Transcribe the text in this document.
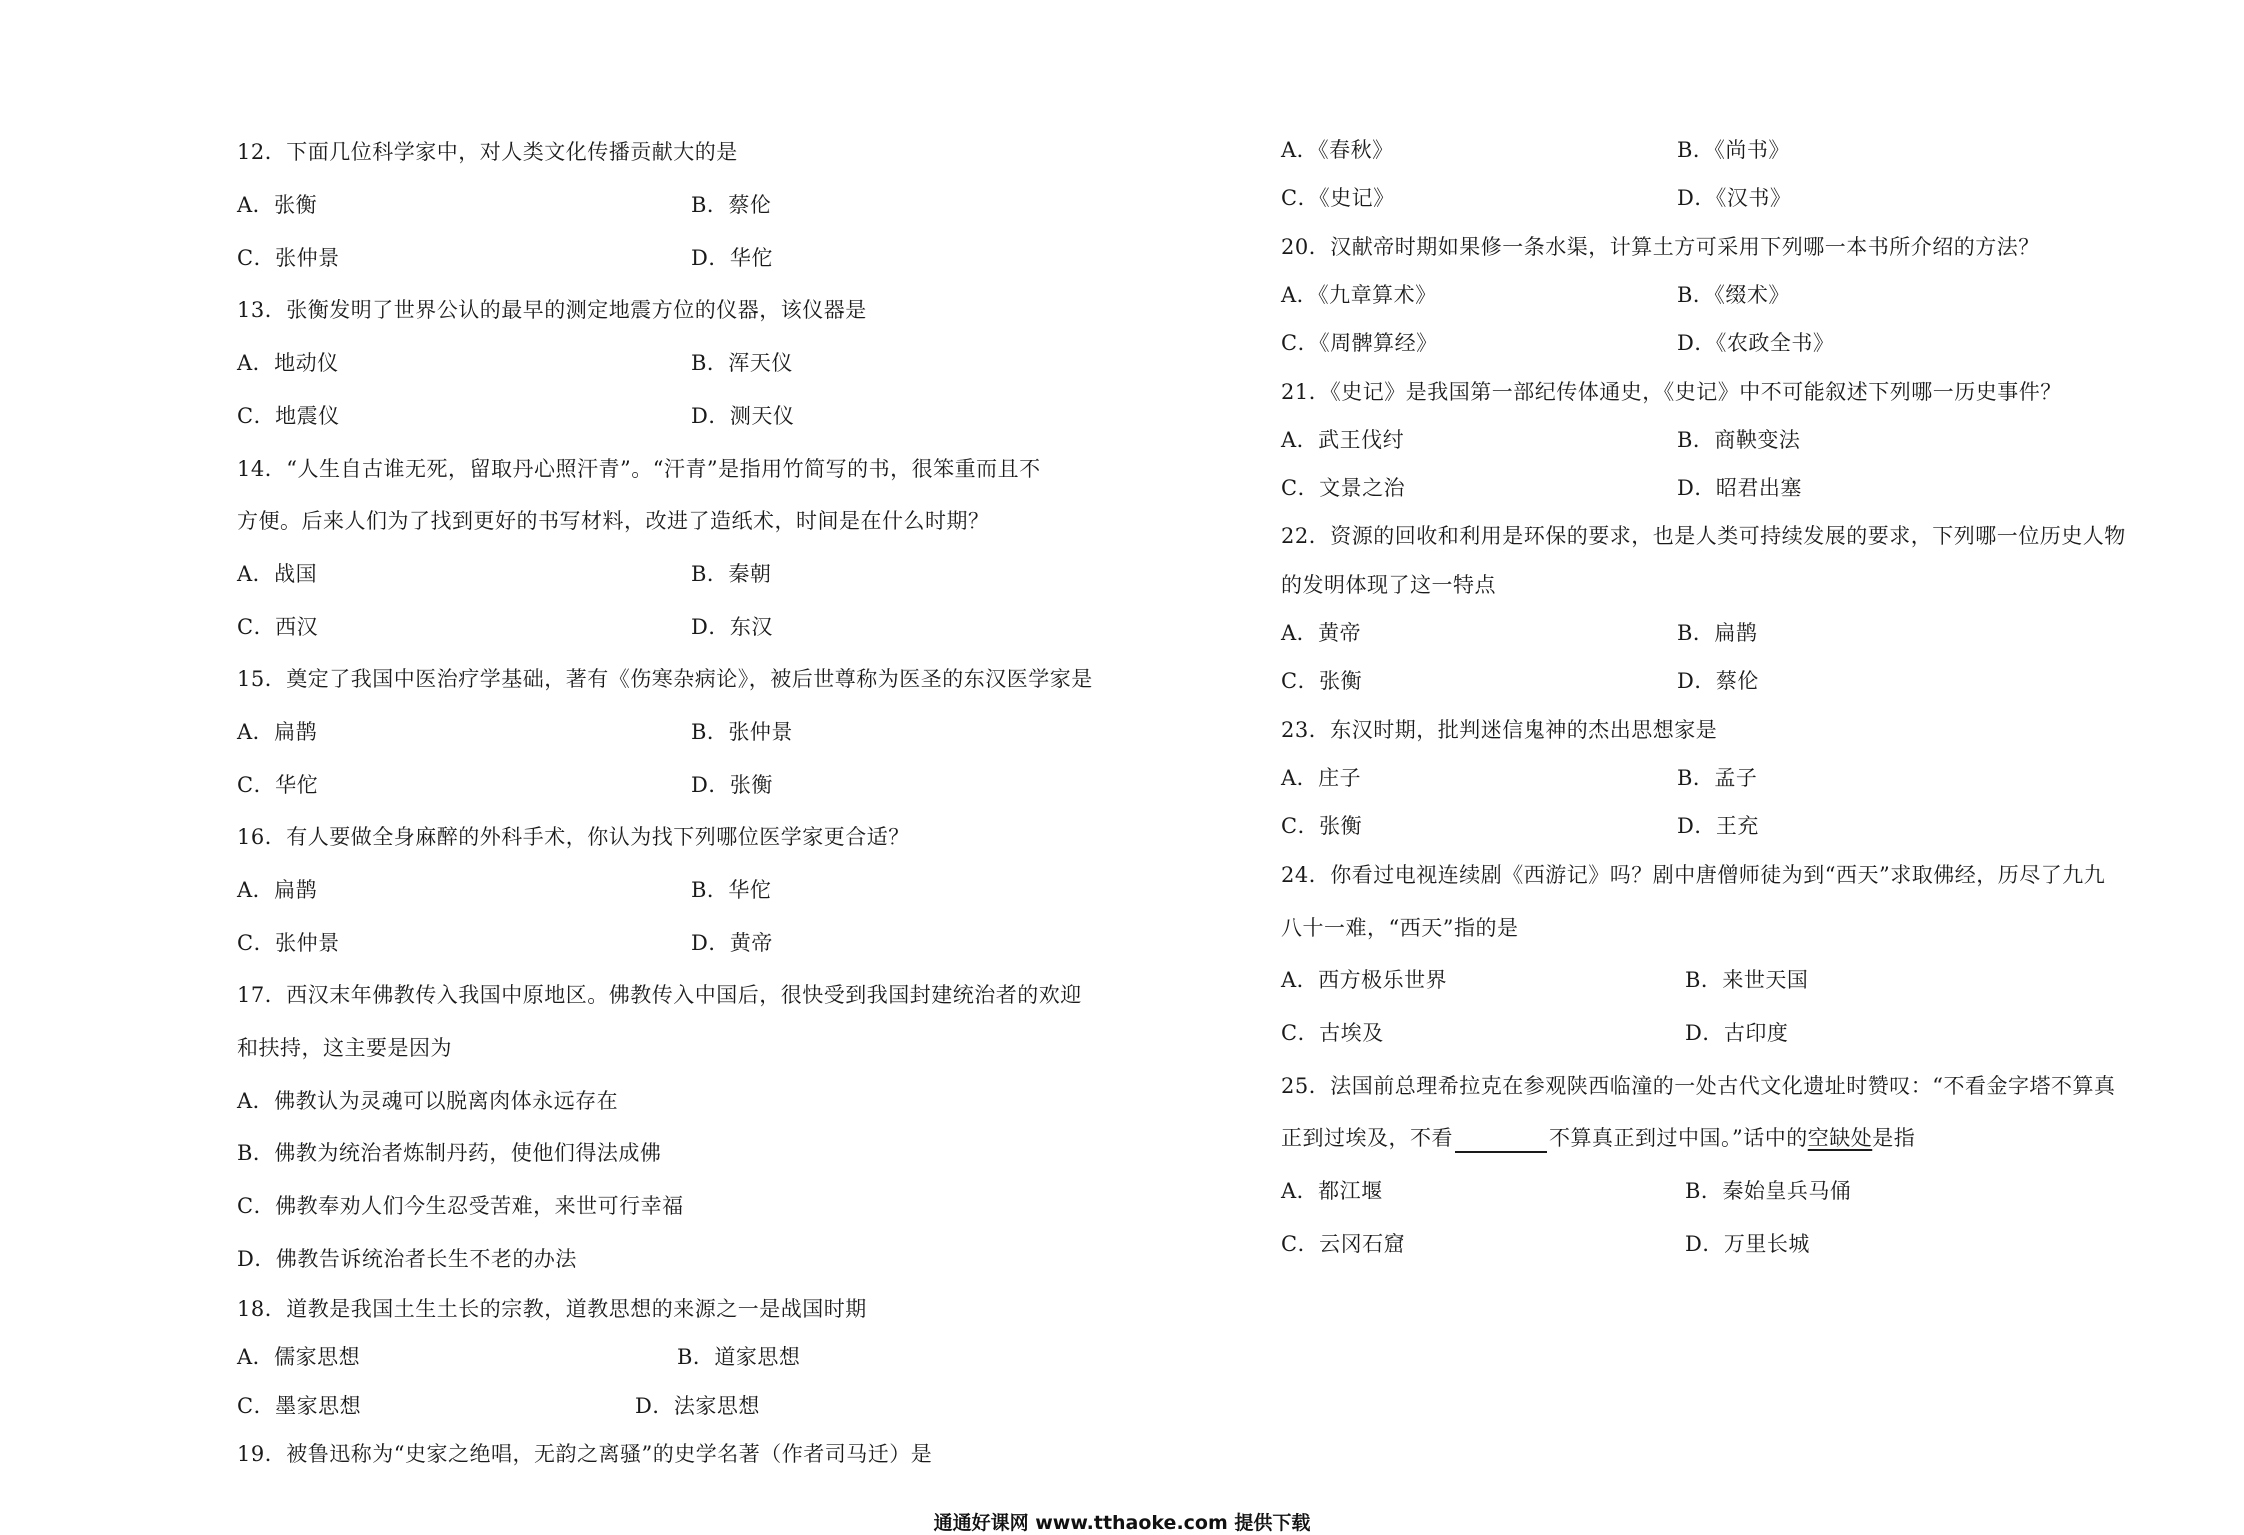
12．下面几位科学家中，对人类文化传播贡献大的是
A．张衡	B．蔡伦
C．张仲景	D．华佗
13．张衡发明了世界公认的最早的测定地震方位的仪器，该仪器是
A．地动仪	B．浑天仪
C．地震仪	D．测天仪
14．“人生自古谁无死，留取丹心照汗青”。“汗青”是指用竹简写的书，很笨重而且不
方便。后来人们为了找到更好的书写材料，改进了造纸术，时间是在什么时期？
A．战国	B．秦朝
C．西汉	D．东汉
15．奠定了我国中医治疗学基础，著有《伤寒杂病论》，被后世尊称为医圣的东汉医学家是
A．扁鹊	B．张仲景
C．华佗	D．张衡
16．有人要做全身麻醉的外科手术，你认为找下列哪位医学家更合适？
A．扁鹊	B．华佗
C．张仲景	D．黄帝
17．西汉末年佛教传入我国中原地区。佛教传入中国后，很快受到我国封建统治者的欢迎
和扶持，这主要是因为
A．佛教认为灵魂可以脱离肉体永远存在
B．佛教为统治者炼制丹药，使他们得法成佛
C．佛教奉劝人们今生忍受苦难，来世可行幸福
D．佛教告诉统治者长生不老的办法
18．道教是我国土生土长的宗教，道教思想的来源之一是战国时期
A．儒家思想	B．道家思想
C．墨家思想	D．法家思想
19．被鲁迅称为“史家之绝唱，无韵之离骚”的史学名著（作者司马迁）是
A．《春秋》	B．《尚书》
C．《史记》	D．《汉书》
20．汉献帝时期如果修一条水渠，计算土方可采用下列哪一本书所介绍的方法？
A．《九章算术》	B．《缀术》
C．《周髀算经》	D．《农政全书》
21．《史记》是我国第一部纪传体通史，《史记》中不可能叙述下列哪一历史事件？
A．武王伐纣	B．商鞅变法
C．文景之治	D．昭君出塞
22．资源的回收和利用是环保的要求，也是人类可持续发展的要求，下列哪一位历史人物
的发明体现了这一特点
A．黄帝	B．扁鹊
C．张衡	D．蔡伦
23．东汉时期，批判迷信鬼神的杰出思想家是
A．庄子	B．孟子
C．张衡	D．王充
24．你看过电视连续剧《西游记》吗？剧中唐僧师徒为到“西天”求取佛经，历尽了九九
八十一难，“西天”指的是
A．西方极乐世界	B．来世天国
C．古埃及	D．古印度
25．法国前总理希拉克在参观陕西临潼的一处古代文化遗址时赞叹：“不看金字塔不算真
正到过埃及，不看	不算真正到过中国。”话中的空缺处是指
A．都江堰	B．秦始皇兵马俑
C．云冈石窟	D．万里长城
通通好课网 www.tthaoke.com 提供下载
